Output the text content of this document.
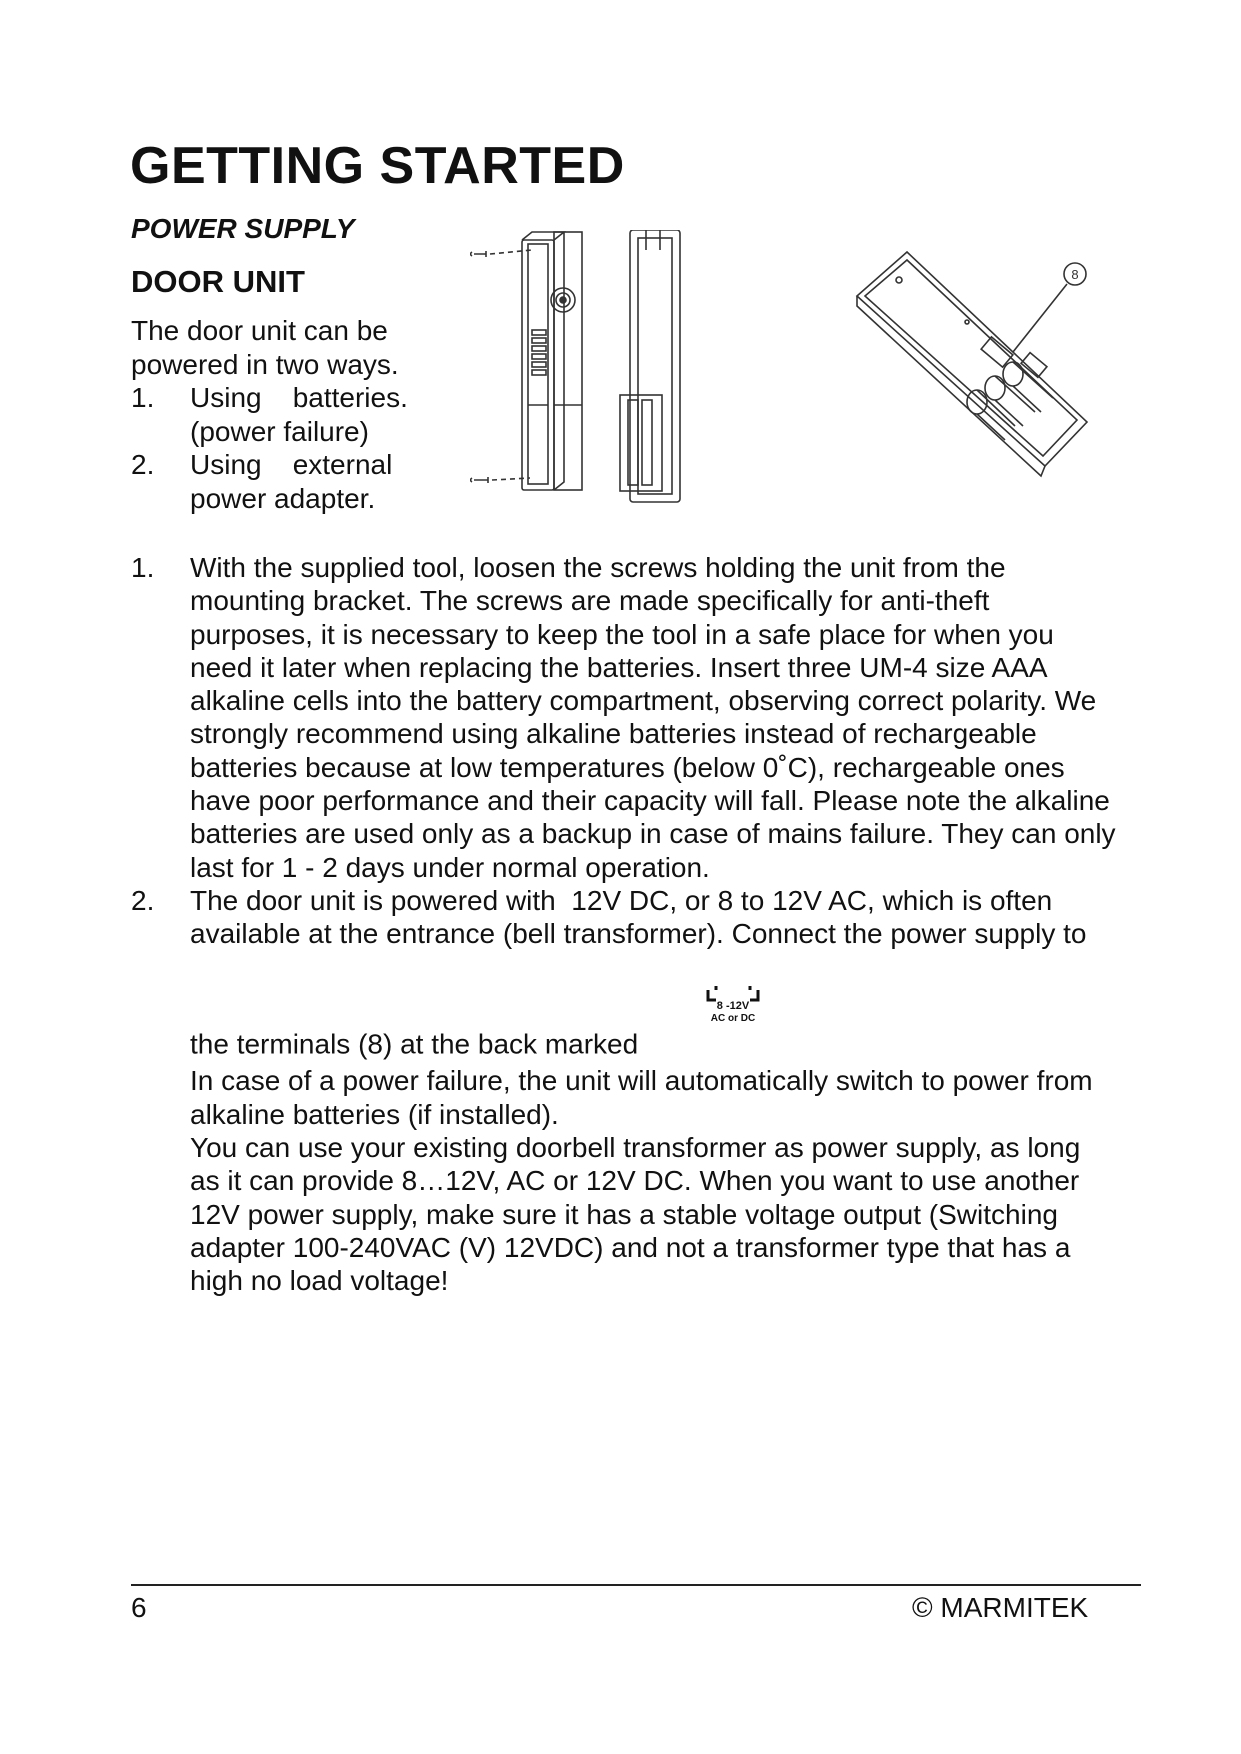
GETTING STARTED
POWER SUPPLY
DOOR UNIT
The door unit can be
powered in two ways.
1. Using    batteries.
(power failure)
2. Using    external
power adapter.
8
1. With the supplied tool, loosen the screws holding the unit from the mounting bracket. The screws are made specifically for anti-theft purposes, it is necessary to keep the tool in a safe place for when you need it later when replacing the batteries. Insert three UM-4 size AAA alkaline cells into the battery compartment, observing correct polarity. We strongly recommend using alkaline batteries instead of rechargeable batteries because at low temperatures (below 0˚C), rechargeable ones have poor performance and their capacity will fall. Please note the alkaline batteries are used only as a backup in case of mains failure. They can only last for 1 - 2 days under normal operation.

2. The door unit is powered with  12V DC, or 8 to 12V AC, which is often available at the entrance (bell transformer). Connect the power supply to the terminals (8) at the back marked

8 -12V
AC or DC

In case of a power failure, the unit will automatically switch to power from alkaline batteries (if installed).

You can use your existing doorbell transformer as power supply, as long as it can provide 8…12V, AC or 12V DC. When you want to use another 12V power supply, make sure it has a stable voltage output (Switching adapter 100-240VAC (V) 12VDC) and not a transformer type that has a high no load voltage!

6	© MARMITEK
